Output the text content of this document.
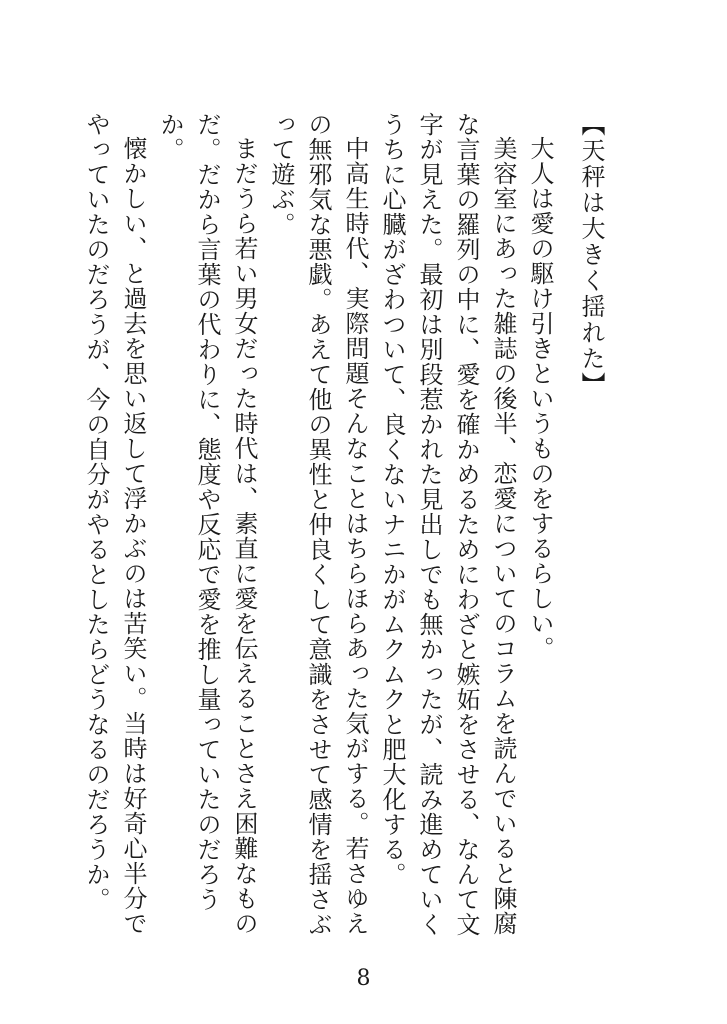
【天秤は大きく揺れた】

大人は愛の駆け引きというものをするらしい。

美容室にあった雑誌の後半、恋愛についてのコラムを読んでいると陳腐な言葉の羅列の中に、愛を確かめるためにわざと嫉妬をさせる、なんて文字が見えた。最初は別段惹かれた見出しでも無かったが、読み進めていくうちに心臓がざわついて、良くないナニかがムクムクと肥大化する。

中高生時代、実際問題そんなことはちらほらあった気がする。若さゆえの無邪気な悪戯。あえて他の異性と仲良くして意識をさせて感情を揺さぶって遊ぶ。

まだうら若い男女だった時代は、素直に愛を伝えることさえ困難なものだ。だから言葉の代わりに、態度や反応で愛を推し量っていたのだろうか。

懐かしい、と過去を思い返して浮かぶのは苦笑い。当時は好奇心半分でやっていたのだろうが、今の自分がやるとしたらどうなるのだろうか。

8
